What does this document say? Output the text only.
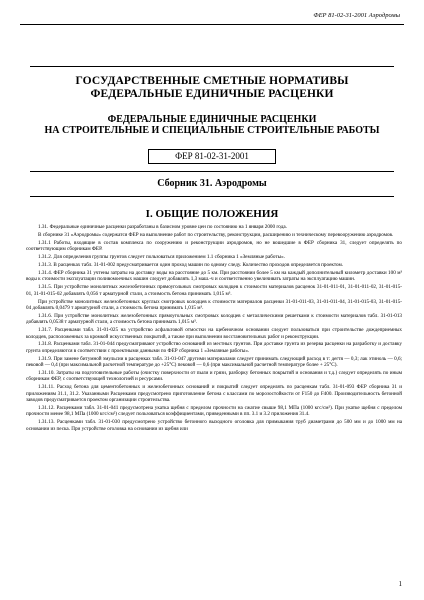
ФЕР 81-02-31-2001 Аэродромы
ГОСУДАРСТВЕННЫЕ СМЕТНЫЕ НОРМАТИВЫ
ФЕДЕРАЛЬНЫЕ ЕДИНИЧНЫЕ РАСЦЕНКИ
ФЕДЕРАЛЬНЫЕ ЕДИНИЧНЫЕ РАСЦЕНКИ
НА СТРОИТЕЛЬНЫЕ И СПЕЦИАЛЬНЫЕ СТРОИТЕЛЬНЫЕ РАБОТЫ
ФЕР 81-02-31-2001
Сборник 31. Аэродромы
I. ОБЩИЕ ПОЛОЖЕНИЯ

1.31. Федеральные единичные расценки разработаны в базисном уровне цен по состоянию на 1 января 2000 года.

В сборнике 31 «Аэродромы» содержатся ФЕР на выполнение работ по строительству, реконструкции, расширению и техническому перевооружению аэродромов.

1.31.1 Работы, входящие в состав комплекса по сооружению и реконструкции аэродромов, но не вошедшие в ФЕР сборника 31, следует определять по соответствующим сборникам ФЕР.

1.31.2. Для определения группы грунтов следует пользоваться приложением 1.1 сборника 1 «Земляные работы».

1.31.3. В расценках табл. 31-01-002 предусматривается один проход машин по одному следу. Количество проходов определяется проектом.

1.31.4. ФЕР сборника 31 учтены затраты на доставку воды на расстояние до 5 км. При расстоянии более 5 км на каждый дополнительный километр доставки 100 м³ воды к стоимости эксплуатации поливомоечных машин следует добавлять 1,3 маш.-ч и соответственно увеличивать затраты на эксплуатацию машин.

1.31.5. При устройстве монолитных железобетонных прямоугольных смотровых колодцев к стоимости материалов расценок 31-01-011-01, 31-01-011-02, 31-01-015-01, 31-01-015-02 добавлять 0,056 т арматурной стали, а стоимость бетона принимать 1,015 м³.

При устройстве монолитных железобетонных круглых смотровых колодцев к стоимости материалов расценки 31-01-011-03, 31-01-011-04, 31-01-015-03, 31-01-015-04 добавлять 0,0479 т арматурной стали, а стоимость бетона принимать 1,015 м³.

1.31.6. При устройстве монолитных железобетонных прямоугольных смотровых колодцев с металлическими решетками к стоимости материалов табл. 31-01-013 добавлять 0,0538 т арматурной стали, а стоимость бетона принимать 1,015 м³.

1.31.7. Расценками табл. 31-01-025 на устройство асфальтовой отмостки на щебеночном основании следует пользоваться при строительстве дождеприемных колодцев, расположенных за кромкой искусственных покрытий, а также при выполнении восстановительных работ и реконструкции.

1.31.8. Расценками табл. 31-01-044 предусматривают устройство оснований из местных грунтов. При доставке грунта из резерва расценки на разработку и доставку грунта определяются в соответствии с проектными данными по ФЕР сборника 1 «Земляные работы».

1.31.9. При замене битумной эмульсии в расценках табл. 31-01-047 другими материалами следует принимать следующий расход в т: дегтя — 0,3; лак этиноль — 0,6; пековой — 0,4 (при максимальной расчетной температуре до +25°С) пековой — 0,6 (при максимальной расчетной температуре более + 25°С).

1.31.10. Затраты на подготовительные работы (очистку поверхности от пыли и грязи, разборку бетонных покрытий и основания и т.д.) следует определять по иным сборникам ФЕР, с соответствующей технологией и ресурсами.

1.31.11. Расход бетона для цементобетонных и железобетонных оснований и покрытий следует определять по расценкам табл. 31-01-093 ФЕР сборника 31 и приложениям 31.1, 31.2. Указанными Расценками предусмотрено приготовление бетона с классами по морозостойкости от F150 до F400. Производительность бетонной заводов предусматривается проектом организации строительства.

1.31.12. Расценками табл. 31-01-041 предусмотрена укатка щебня с пределом прочности на сжатие свыше 98,1 МПа (1000 кгс/см²). При укатке щебня с пределом прочности менее 98,1 МПа (1000 кгс/см²) следует пользоваться коэффициентами, приведенными в пп. 3.1 и 3.2 приложения 31.4.

1.31.13. Расценками табл. 31-01-030 предусмотрено устройство бетонного выходного оголовка для примыкания труб диаметрами до 500 мм и до 1000 мм на основании из песка. При устройстве оголовка на основании из щебня или

1
